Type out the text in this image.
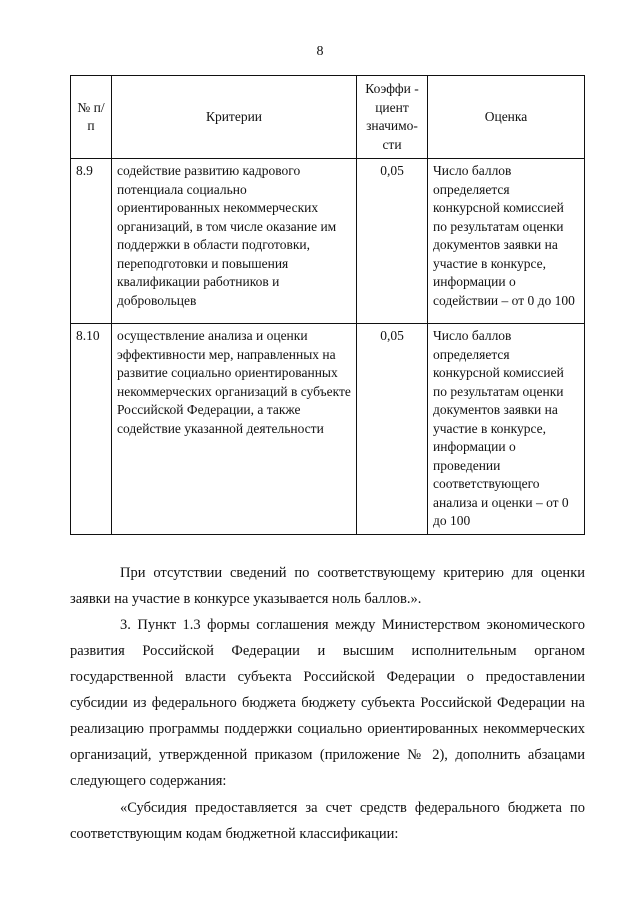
8
№ п/п	Критерии	Коэффи - циент значимо- сти	Оценка
8.9	содействие развитию кадрового потенциала социально ориентированных некоммерческих организаций, в том числе оказание им поддержки в области подготовки, переподготовки и повышения квалификации работников и добровольцев	0,05	Число баллов определяется конкурсной комиссией по результатам оценки документов заявки на участие в конкурсе, информации о содействии – от 0 до 100
8.10	осуществление анализа и оценки эффективности мер, направленных на развитие социально ориентированных некоммерческих организаций в субъекте Российской Федерации, а также содействие указанной деятельности	0,05	Число баллов определяется конкурсной комиссией по результатам оценки документов заявки на участие в конкурсе, информации о проведении соответствующего анализа и оценки – от 0 до 100
При отсутствии сведений по соответствующему критерию для оценки заявки на участие в конкурсе указывается ноль баллов.».
3. Пункт 1.3 формы соглашения между Министерством экономического развития Российской Федерации и высшим исполнительным органом государственной власти субъекта Российской Федерации о предоставлении субсидии из федерального бюджета бюджету субъекта Российской Федерации на реализацию программы поддержки социально ориентированных некоммерческих организаций, утвержденной приказом (приложение № 2), дополнить абзацами следующего содержания:
«Субсидия предоставляется за счет средств федерального бюджета по соответствующим кодам бюджетной классификации:
